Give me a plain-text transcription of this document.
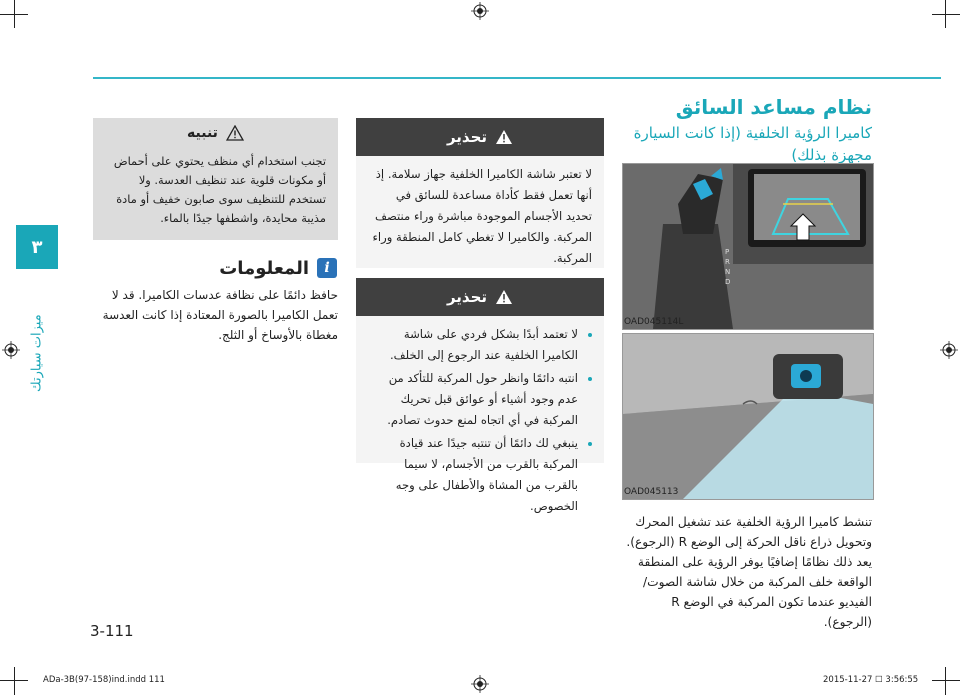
٣
ميزات سيارتك
نظام مساعد السائق
كاميرا الرؤية الخلفية (إذا كانت السيارة مجهزة بذلك)
P
R
N
D
OAD045114L
OAD045113
تنشط كاميرا الرؤية الخلفية عند تشغيل المحرك وتحويل ذراع ناقل الحركة إلى الوضع R (الرجوع). يعد ذلك نظامًا إضافيًا يوفر الرؤية على المنطقة الواقعة خلف المركبة من خلال شاشة الصوت/ الفيديو عندما تكون المركبة في الوضع R (الرجوع).
تحذير
لا تعتبر شاشة الكاميرا الخلفية جهاز سلامة. إذ أنها تعمل فقط كأداة مساعدة للسائق في تحديد الأجسام الموجودة مباشرة وراء منتصف المركبة. والكاميرا لا تغطي كامل المنطقة وراء المركبة.
تحذير
• لا تعتمد أبدًا بشكل فردي على شاشة الكاميرا الخلفية عند الرجوع إلى الخلف.
• انتبه دائمًا وانظر حول المركبة للتأكد من عدم وجود أشياء أو عوائق قبل تحريك المركبة في أي اتجاه لمنع حدوث تصادم.
• ينبغي لك دائمًا أن تنتبه جيدًا عند قيادة المركبة بالقرب من الأجسام، لا سيما بالقرب من المشاة والأطفال على وجه الخصوص.
تنبيه
تجنب استخدام أي منظف يحتوي على أحماض أو مكونات قلوية عند تنظيف العدسة. ولا تستخدم للتنظيف سوى صابون خفيف أو مادة مذيبة محايدة، واشطفها جيدًا بالماء.
المعلومات	i
حافظ دائمًا على نظافة عدسات الكاميرا. قد لا تعمل الكاميرا بالصورة المعتادة إذا كانت العدسة مغطاة بالأوساخ أو الثلج.
3-111
ADa-3B(97-158)ind.indd 111	2015-11-27 ☐ 3:56:55
